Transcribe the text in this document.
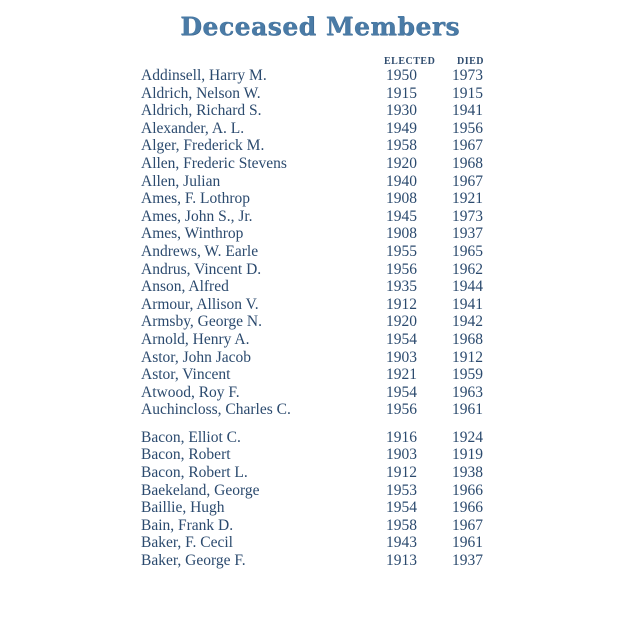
Deceased Members
ELECTED DIED
Addinsell, Harry M.	1950 1973
Aldrich, Nelson W.	1915 1915
Aldrich, Richard S.	1930 1941
Alexander, A. L.	1949 1956
Alger, Frederick M.	1958 1967
Allen, Frederic Stevens	1920 1968
Allen, Julian	1940 1967
Ames, F. Lothrop	1908 1921
Ames, John S., Jr.	1945 1973
Ames, Winthrop	1908 1937
Andrews, W. Earle	1955 1965
Andrus, Vincent D.	1956 1962
Anson, Alfred	1935 1944
Armour, Allison V.	1912 1941
Armsby, George N.	1920 1942
Arnold, Henry A.	1954 1968
Astor, John Jacob	1903 1912
Astor, Vincent	1921 1959
Atwood, Roy F.	1954 1963
Auchincloss, Charles C.	1956 1961
Bacon, Elliot C.	1916 1924
Bacon, Robert	1903 1919
Bacon, Robert L.	1912 1938
Baekeland, George	1953 1966
Baillie, Hugh	1954 1966
Bain, Frank D.	1958 1967
Baker, F. Cecil	1943 1961
Baker, George F.	1913 1937
